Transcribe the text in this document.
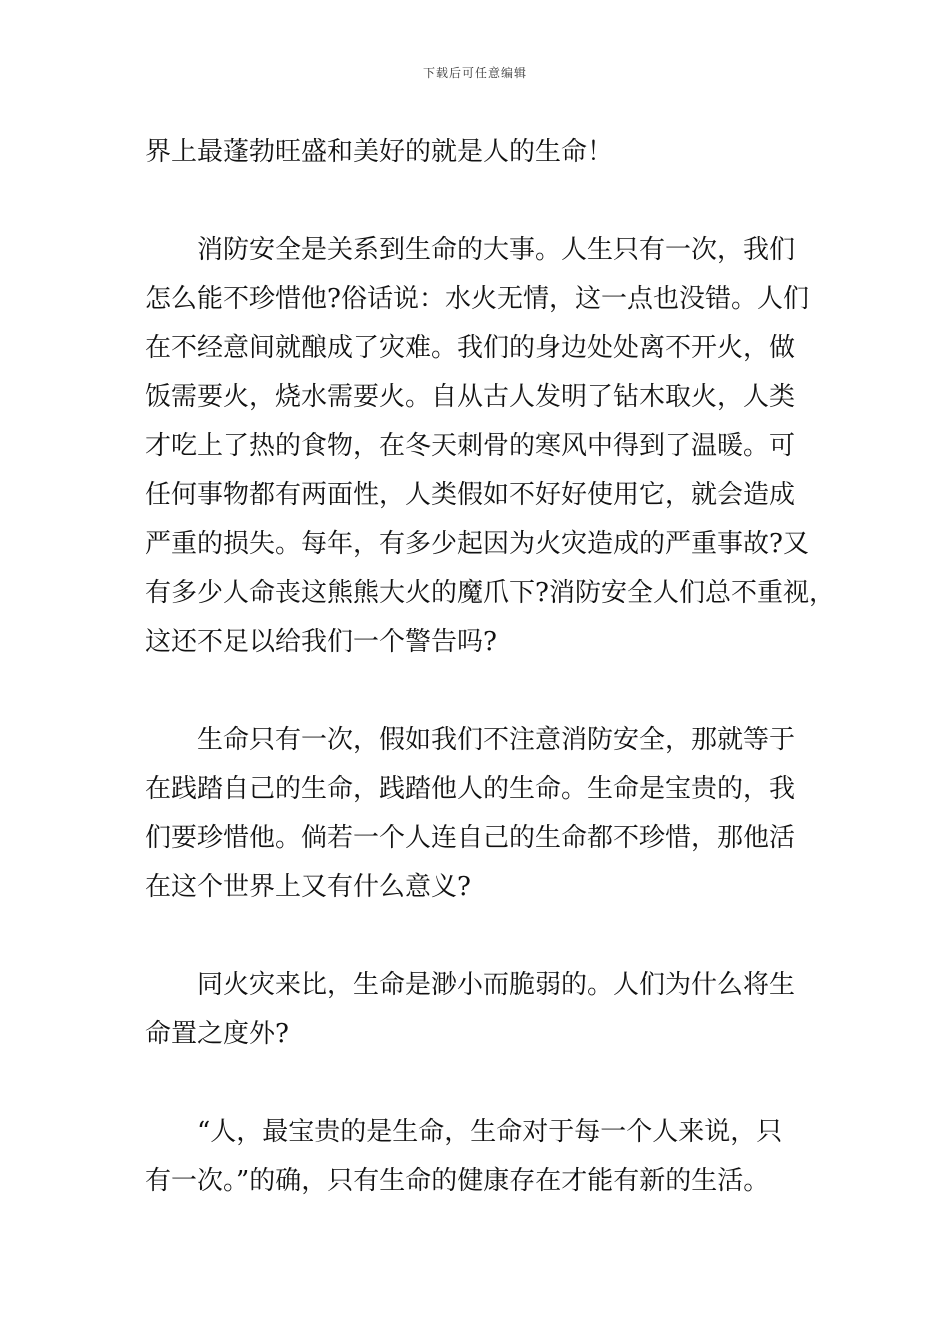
下载后可任意编辑
界上最蓬勃旺盛和美好的就是人的生命！
　　消防安全是关系到生命的大事。人生只有一次，我们
怎么能不珍惜他?俗话说：水火无情，这一点也没错。人们
在不经意间就酿成了灾难。我们的身边处处离不开火，做
饭需要火，烧水需要火。自从古人发明了钻木取火，人类
才吃上了热的食物，在冬天刺骨的寒风中得到了温暖。可
任何事物都有两面性，人类假如不好好使用它，就会造成
严重的损失。每年，有多少起因为火灾造成的严重事故?又
有多少人命丧这熊熊大火的魔爪下?消防安全人们总不重视，
这还不足以给我们一个警告吗?
　　生命只有一次，假如我们不注意消防安全，那就等于
在践踏自己的生命，践踏他人的生命。生命是宝贵的，我
们要珍惜他。倘若一个人连自己的生命都不珍惜，那他活
在这个世界上又有什么意义?
　　同火灾来比，生命是渺小而脆弱的。人们为什么将生
命置之度外?
　　“人，最宝贵的是生命，生命对于每一个人来说，只
有一次。”的确，只有生命的健康存在才能有新的生活。
